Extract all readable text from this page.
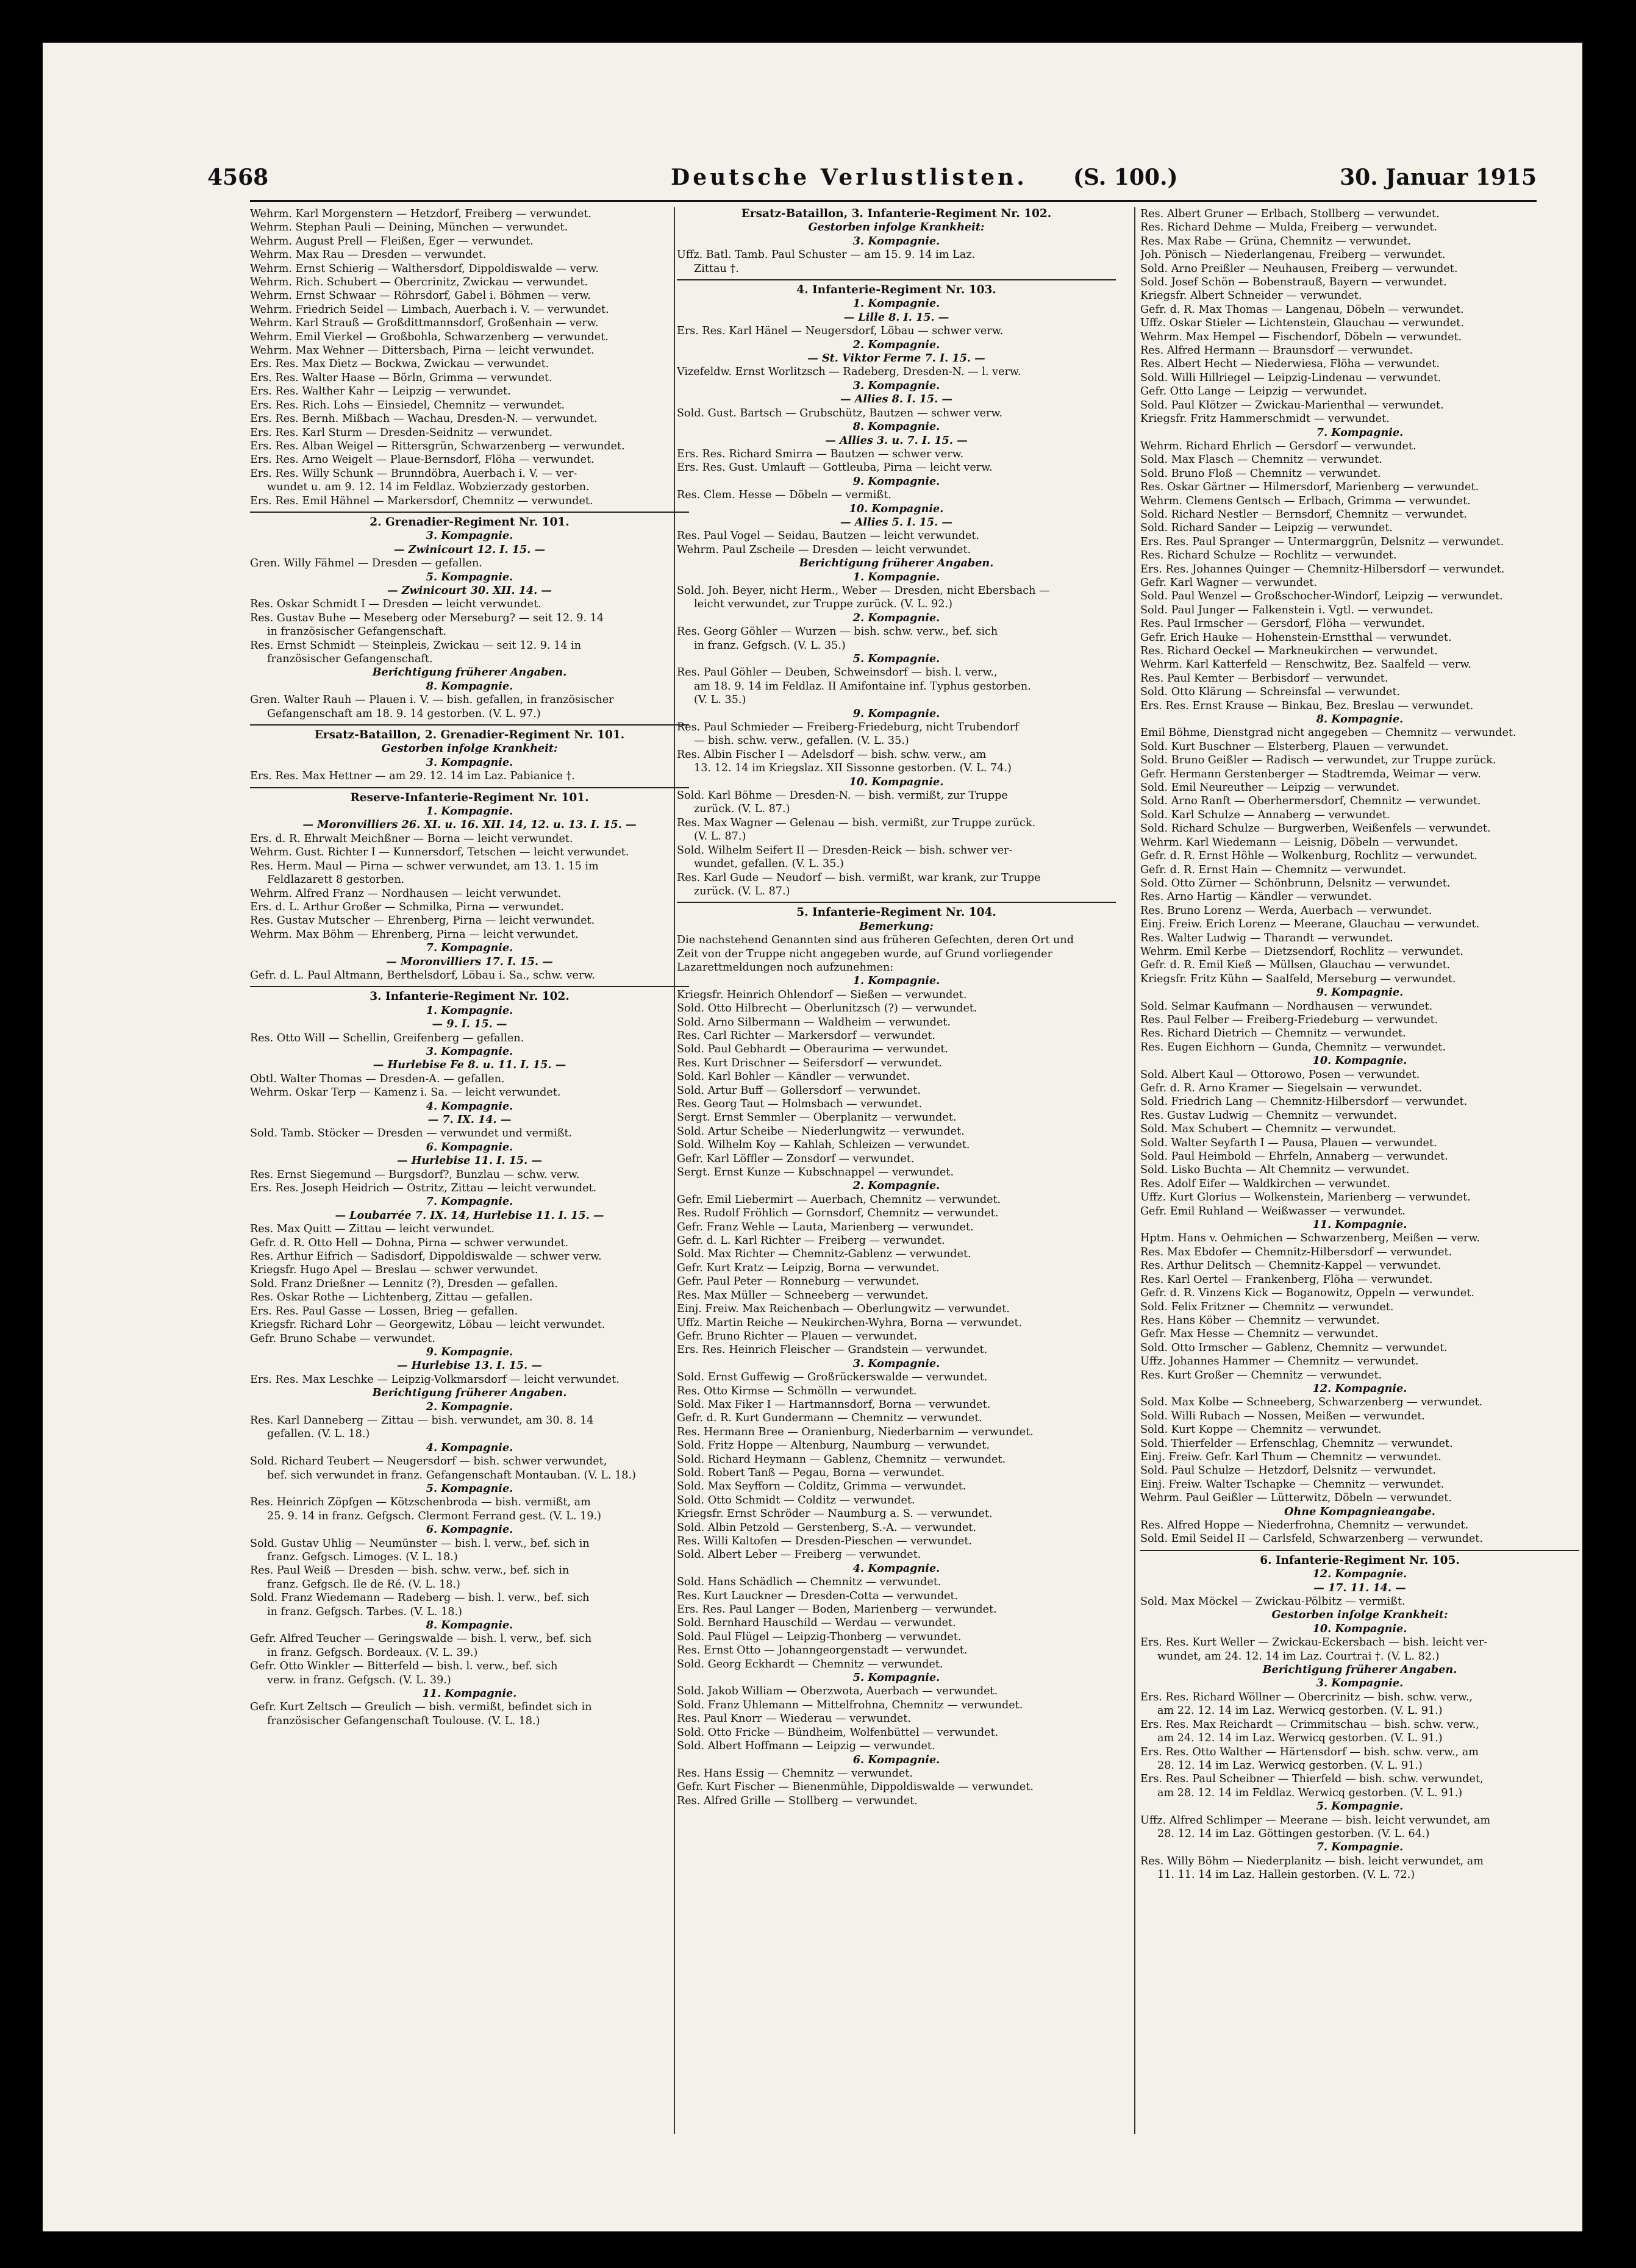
4568	Deutsche Verlustlisten. (S. 100.)	30. Januar 1915
Wehrm. Karl Morgenstern — Hetzdorf, Freiberg — verwundet.
Wehrm. Stephan Pauli — Deining, München — verwundet.
Wehrm. August Prell — Fleißen, Eger — verwundet.
Wehrm. Max Rau — Dresden — verwundet.
Wehrm. Ernst Schierig — Walthersdorf, Dippoldiswalde — verw.
Wehrm. Rich. Schubert — Obercrinitz, Zwickau — verwundet.
Wehrm. Ernst Schwaar — Röhrsdorf, Gabel i. Böhmen — verw.
Wehrm. Friedrich Seidel — Limbach, Auerbach i. V. — verwundet.
Wehrm. Karl Strauß — Großdittmannsdorf, Großenhain — verw.
Wehrm. Emil Vierkel — Großbohla, Schwarzenberg — verwundet.
Wehrm. Max Wehner — Dittersbach, Pirna — leicht verwundet.
Ers. Res. Max Dietz — Bockwa, Zwickau — verwundet.
Ers. Res. Walter Haase — Börln, Grimma — verwundet.
Ers. Res. Walther Kahr — Leipzig — verwundet.
Ers. Res. Rich. Lohs — Einsiedel, Chemnitz — verwundet.
Ers. Res. Bernh. Mißbach — Wachau, Dresden-N. — verwundet.
Ers. Res. Karl Sturm — Dresden-Seidnitz — verwundet.
Ers. Res. Alban Weigel — Rittersgrün, Schwarzenberg — verwundet.
Ers. Res. Arno Weigelt — Plaue-Bernsdorf, Flöha — verwundet.
Ers. Res. Willy Schunk — Brunndöbra, Auerbach i. V. — ver-
wundet u. am 9. 12. 14 im Feldlaz. Wobzierzady gestorben.
Ers. Res. Emil Hähnel — Markersdorf, Chemnitz — verwundet.
2. Grenadier-Regiment Nr. 101.
3. Kompagnie.
— Zwinicourt 12. I. 15. —
Gren. Willy Fähmel — Dresden — gefallen.
5. Kompagnie.
— Zwinicourt 30. XII. 14. —
Res. Oskar Schmidt I — Dresden — leicht verwundet.
Res. Gustav Buhe — Meseberg oder Merseburg? — seit 12. 9. 14
in französischer Gefangenschaft.
Res. Ernst Schmidt — Steinpleis, Zwickau — seit 12. 9. 14 in
französischer Gefangenschaft.
Berichtigung früherer Angaben.
8. Kompagnie.
Gren. Walter Rauh — Plauen i. V. — bish. gefallen, in französischer
Gefangenschaft am 18. 9. 14 gestorben. (V. L. 97.)
Ersatz-Bataillon, 2. Grenadier-Regiment Nr. 101.
Gestorben infolge Krankheit:
3. Kompagnie.
Ers. Res. Max Hettner — am 29. 12. 14 im Laz. Pabianice †.
Reserve-Infanterie-Regiment Nr. 101.
1. Kompagnie.
— Moronvilliers 26. XI. u. 16. XII. 14, 12. u. 13. I. 15. —
Ers. d. R. Ehrwalt Meichßner — Borna — leicht verwundet.
Wehrm. Gust. Richter I — Kunnersdorf, Tetschen — leicht verwundet.
Res. Herm. Maul — Pirna — schwer verwundet, am 13. 1. 15 im
Feldlazarett 8 gestorben.
Wehrm. Alfred Franz — Nordhausen — leicht verwundet.
Ers. d. L. Arthur Großer — Schmilka, Pirna — verwundet.
Res. Gustav Mutscher — Ehrenberg, Pirna — leicht verwundet.
Wehrm. Max Böhm — Ehrenberg, Pirna — leicht verwundet.
7. Kompagnie.
— Moronvilliers 17. I. 15. —
Gefr. d. L. Paul Altmann, Berthelsdorf, Löbau i. Sa., schw. verw.
3. Infanterie-Regiment Nr. 102.
1. Kompagnie.
— 9. I. 15. —
Res. Otto Will — Schellin, Greifenberg — gefallen.
3. Kompagnie.
— Hurlebise Fe 8. u. 11. I. 15. —
Obtl. Walter Thomas — Dresden-A. — gefallen.
Wehrm. Oskar Terp — Kamenz i. Sa. — leicht verwundet.
4. Kompagnie.
— 7. IX. 14. —
Sold. Tamb. Stöcker — Dresden — verwundet und vermißt.
6. Kompagnie.
— Hurlebise 11. I. 15. —
Res. Ernst Siegemund — Burgsdorf?, Bunzlau — schw. verw.
Ers. Res. Joseph Heidrich — Ostritz, Zittau — leicht verwundet.
7. Kompagnie.
— Loubarrée 7. IX. 14, Hurlebise 11. I. 15. —
Res. Max Quitt — Zittau — leicht verwundet.
Gefr. d. R. Otto Hell — Dohna, Pirna — schwer verwundet.
Res. Arthur Eifrich — Sadisdorf, Dippoldiswalde — schwer verw.
Kriegsfr. Hugo Apel — Breslau — schwer verwundet.
Sold. Franz Drießner — Lennitz (?), Dresden — gefallen.
Res. Oskar Rothe — Lichtenberg, Zittau — gefallen.
Ers. Res. Paul Gasse — Lossen, Brieg — gefallen.
Kriegsfr. Richard Lohr — Georgewitz, Löbau — leicht verwundet.
Gefr. Bruno Schabe — verwundet.
9. Kompagnie.
— Hurlebise 13. I. 15. —
Ers. Res. Max Leschke — Leipzig-Volkmarsdorf — leicht verwundet.
Berichtigung früherer Angaben.
2. Kompagnie.
Res. Karl Danneberg — Zittau — bish. verwundet, am 30. 8. 14
gefallen. (V. L. 18.)
4. Kompagnie.
Sold. Richard Teubert — Neugersdorf — bish. schwer verwundet,
bef. sich verwundet in franz. Gefangenschaft Montauban. (V. L. 18.)
5. Kompagnie.
Res. Heinrich Zöpfgen — Kötzschenbroda — bish. vermißt, am
25. 9. 14 in franz. Gefgsch. Clermont Ferrand gest. (V. L. 19.)
6. Kompagnie.
Sold. Gustav Uhlig — Neumünster — bish. l. verw., bef. sich in
franz. Gefgsch. Limoges. (V. L. 18.)
Res. Paul Weiß — Dresden — bish. schw. verw., bef. sich in
franz. Gefgsch. Ile de Ré. (V. L. 18.)
Sold. Franz Wiedemann — Radeberg — bish. l. verw., bef. sich
in franz. Gefgsch. Tarbes. (V. L. 18.)
8. Kompagnie.
Gefr. Alfred Teucher — Geringswalde — bish. l. verw., bef. sich
in franz. Gefgsch. Bordeaux. (V. L. 39.)
Gefr. Otto Winkler — Bitterfeld — bish. l. verw., bef. sich
verw. in franz. Gefgsch. (V. L. 39.)
11. Kompagnie.
Gefr. Kurt Zeltsch — Greulich — bish. vermißt, befindet sich in
französischer Gefangenschaft Toulouse. (V. L. 18.)
Ersatz-Bataillon, 3. Infanterie-Regiment Nr. 102.
Gestorben infolge Krankheit:
3. Kompagnie.
Uffz. Batl. Tamb. Paul Schuster — am 15. 9. 14 im Laz.
Zittau †.
4. Infanterie-Regiment Nr. 103.
1. Kompagnie.
— Lille 8. I. 15. —
Ers. Res. Karl Hänel — Neugersdorf, Löbau — schwer verw.
2. Kompagnie.
— St. Viktor Ferme 7. I. 15. —
Vizefeldw. Ernst Worlitzsch — Radeberg, Dresden-N. — l. verw.
3. Kompagnie.
— Allies 8. I. 15. —
Sold. Gust. Bartsch — Grubschütz, Bautzen — schwer verw.
8. Kompagnie.
— Allies 3. u. 7. I. 15. —
Ers. Res. Richard Smirra — Bautzen — schwer verw.
Ers. Res. Gust. Umlauft — Gottleuba, Pirna — leicht verw.
9. Kompagnie.
Res. Clem. Hesse — Döbeln — vermißt.
10. Kompagnie.
— Allies 5. I. 15. —
Res. Paul Vogel — Seidau, Bautzen — leicht verwundet.
Wehrm. Paul Zscheile — Dresden — leicht verwundet.
Berichtigung früherer Angaben.
1. Kompagnie.
Sold. Joh. Beyer, nicht Herm., Weber — Dresden, nicht Ebersbach —
leicht verwundet, zur Truppe zurück. (V. L. 92.)
2. Kompagnie.
Res. Georg Göhler — Wurzen — bish. schw. verw., bef. sich
in franz. Gefgsch. (V. L. 35.)
5. Kompagnie.
Res. Paul Göhler — Deuben, Schweinsdorf — bish. l. verw.,
am 18. 9. 14 im Feldlaz. II Amifontaine inf. Typhus gestorben.
(V. L. 35.)
9. Kompagnie.
Res. Paul Schmieder — Freiberg-Friedeburg, nicht Trubendorf
— bish. schw. verw., gefallen. (V. L. 35.)
Res. Albin Fischer I — Adelsdorf — bish. schw. verw., am
13. 12. 14 im Kriegslaz. XII Sissonne gestorben. (V. L. 74.)
10. Kompagnie.
Sold. Karl Böhme — Dresden-N. — bish. vermißt, zur Truppe
zurück. (V. L. 87.)
Res. Max Wagner — Gelenau — bish. vermißt, zur Truppe zurück.
(V. L. 87.)
Sold. Wilhelm Seifert II — Dresden-Reick — bish. schwer ver-
wundet, gefallen. (V. L. 35.)
Res. Karl Gude — Neudorf — bish. vermißt, war krank, zur Truppe
zurück. (V. L. 87.)
5. Infanterie-Regiment Nr. 104.
Bemerkung:
Die nachstehend Genannten sind aus früheren Gefechten, deren Ort und
Zeit von der Truppe nicht angegeben wurde, auf Grund vorliegender
Lazarettmeldungen noch aufzunehmen:
1. Kompagnie.
Kriegsfr. Heinrich Ohlendorf — Sießen — verwundet.
Sold. Otto Hilbrecht — Oberlunitzsch (?) — verwundet.
Sold. Arno Silbermann — Waldheim — verwundet.
Res. Carl Richter — Markersdorf — verwundet.
Sold. Paul Gebhardt — Oberaurima — verwundet.
Res. Kurt Drischner — Seifersdorf — verwundet.
Sold. Karl Bohler — Kändler — verwundet.
Sold. Artur Buff — Gollersdorf — verwundet.
Res. Georg Taut — Holmsbach — verwundet.
Sergt. Ernst Semmler — Oberplanitz — verwundet.
Sold. Artur Scheibe — Niederlungwitz — verwundet.
Sold. Wilhelm Koy — Kahlah, Schleizen — verwundet.
Gefr. Karl Löffler — Zonsdorf — verwundet.
Sergt. Ernst Kunze — Kubschnappel — verwundet.
2. Kompagnie.
Gefr. Emil Liebermirt — Auerbach, Chemnitz — verwundet.
Res. Rudolf Fröhlich — Gornsdorf, Chemnitz — verwundet.
Gefr. Franz Wehle — Lauta, Marienberg — verwundet.
Gefr. d. L. Karl Richter — Freiberg — verwundet.
Sold. Max Richter — Chemnitz-Gablenz — verwundet.
Gefr. Kurt Kratz — Leipzig, Borna — verwundet.
Gefr. Paul Peter — Ronneburg — verwundet.
Res. Max Müller — Schneeberg — verwundet.
Einj. Freiw. Max Reichenbach — Oberlungwitz — verwundet.
Uffz. Martin Reiche — Neukirchen-Wyhra, Borna — verwundet.
Gefr. Bruno Richter — Plauen — verwundet.
Ers. Res. Heinrich Fleischer — Grandstein — verwundet.
3. Kompagnie.
Sold. Ernst Guffewig — Großrückerswalde — verwundet.
Res. Otto Kirmse — Schmölln — verwundet.
Sold. Max Fiker I — Hartmannsdorf, Borna — verwundet.
Gefr. d. R. Kurt Gundermann — Chemnitz — verwundet.
Res. Hermann Bree — Oranienburg, Niederbarnim — verwundet.
Sold. Fritz Hoppe — Altenburg, Naumburg — verwundet.
Sold. Richard Heymann — Gablenz, Chemnitz — verwundet.
Sold. Robert Tanß — Pegau, Borna — verwundet.
Sold. Max Seyfforn — Colditz, Grimma — verwundet.
Sold. Otto Schmidt — Colditz — verwundet.
Kriegsfr. Ernst Schröder — Naumburg a. S. — verwundet.
Sold. Albin Petzold — Gerstenberg, S.-A. — verwundet.
Res. Willi Kaltofen — Dresden-Pieschen — verwundet.
Sold. Albert Leber — Freiberg — verwundet.
4. Kompagnie.
Sold. Hans Schädlich — Chemnitz — verwundet.
Res. Kurt Lauckner — Dresden-Cotta — verwundet.
Ers. Res. Paul Langer — Boden, Marienberg — verwundet.
Sold. Bernhard Hauschild — Werdau — verwundet.
Sold. Paul Flügel — Leipzig-Thonberg — verwundet.
Res. Ernst Otto — Johanngeorgenstadt — verwundet.
Sold. Georg Eckhardt — Chemnitz — verwundet.
5. Kompagnie.
Sold. Jakob William — Oberzwota, Auerbach — verwundet.
Sold. Franz Uhlemann — Mittelfrohna, Chemnitz — verwundet.
Res. Paul Knorr — Wiederau — verwundet.
Sold. Otto Fricke — Bündheim, Wolfenbüttel — verwundet.
Sold. Albert Hoffmann — Leipzig — verwundet.
6. Kompagnie.
Res. Hans Essig — Chemnitz — verwundet.
Gefr. Kurt Fischer — Bienenmühle, Dippoldiswalde — verwundet.
Res. Alfred Grille — Stollberg — verwundet.
Res. Albert Gruner — Erlbach, Stollberg — verwundet.
Res. Richard Dehme — Mulda, Freiberg — verwundet.
Res. Max Rabe — Grüna, Chemnitz — verwundet.
Joh. Pönisch — Niederlangenau, Freiberg — verwundet.
Sold. Arno Preißler — Neuhausen, Freiberg — verwundet.
Sold. Josef Schön — Bobenstrauß, Bayern — verwundet.
Kriegsfr. Albert Schneider — verwundet.
Gefr. d. R. Max Thomas — Langenau, Döbeln — verwundet.
Uffz. Oskar Stieler — Lichtenstein, Glauchau — verwundet.
Wehrm. Max Hempel — Fischendorf, Döbeln — verwundet.
Res. Alfred Hermann — Braunsdorf — verwundet.
Res. Albert Hecht — Niederwiesa, Flöha — verwundet.
Sold. Willi Hillriegel — Leipzig-Lindenau — verwundet.
Gefr. Otto Lange — Leipzig — verwundet.
Sold. Paul Klötzer — Zwickau-Marienthal — verwundet.
Kriegsfr. Fritz Hammerschmidt — verwundet.
7. Kompagnie.
Wehrm. Richard Ehrlich — Gersdorf — verwundet.
Sold. Max Flasch — Chemnitz — verwundet.
Sold. Bruno Floß — Chemnitz — verwundet.
Res. Oskar Gärtner — Hilmersdorf, Marienberg — verwundet.
Wehrm. Clemens Gentsch — Erlbach, Grimma — verwundet.
Sold. Richard Nestler — Bernsdorf, Chemnitz — verwundet.
Sold. Richard Sander — Leipzig — verwundet.
Ers. Res. Paul Spranger — Untermarggrün, Delsnitz — verwundet.
Res. Richard Schulze — Rochlitz — verwundet.
Ers. Res. Johannes Quinger — Chemnitz-Hilbersdorf — verwundet.
Gefr. Karl Wagner — verwundet.
Sold. Paul Wenzel — Großschocher-Windorf, Leipzig — verwundet.
Sold. Paul Junger — Falkenstein i. Vgtl. — verwundet.
Res. Paul Irmscher — Gersdorf, Flöha — verwundet.
Gefr. Erich Hauke — Hohenstein-Ernstthal — verwundet.
Res. Richard Oeckel — Markneukirchen — verwundet.
Wehrm. Karl Katterfeld — Renschwitz, Bez. Saalfeld — verw.
Res. Paul Kemter — Berbisdorf — verwundet.
Sold. Otto Klärung — Schreinsfal — verwundet.
Ers. Res. Ernst Krause — Binkau, Bez. Breslau — verwundet.
8. Kompagnie.
Emil Böhme, Dienstgrad nicht angegeben — Chemnitz — verwundet.
Sold. Kurt Buschner — Elsterberg, Plauen — verwundet.
Sold. Bruno Geißler — Radisch — verwundet, zur Truppe zurück.
Gefr. Hermann Gerstenberger — Stadtremda, Weimar — verw.
Sold. Emil Neureuther — Leipzig — verwundet.
Sold. Arno Ranft — Oberhermersdorf, Chemnitz — verwundet.
Sold. Karl Schulze — Annaberg — verwundet.
Sold. Richard Schulze — Burgwerben, Weißenfels — verwundet.
Wehrm. Karl Wiedemann — Leisnig, Döbeln — verwundet.
Gefr. d. R. Ernst Höhle — Wolkenburg, Rochlitz — verwundet.
Gefr. d. R. Ernst Hain — Chemnitz — verwundet.
Sold. Otto Zürner — Schönbrunn, Delsnitz — verwundet.
Res. Arno Hartig — Kändler — verwundet.
Res. Bruno Lorenz — Werda, Auerbach — verwundet.
Einj. Freiw. Erich Lorenz — Meerane, Glauchau — verwundet.
Res. Walter Ludwig — Tharandt — verwundet.
Wehrm. Emil Kerbe — Dietzsendorf, Rochlitz — verwundet.
Gefr. d. R. Emil Kieß — Müllsen, Glauchau — verwundet.
Kriegsfr. Fritz Kühn — Saalfeld, Merseburg — verwundet.
9. Kompagnie.
Sold. Selmar Kaufmann — Nordhausen — verwundet.
Res. Paul Felber — Freiberg-Friedeburg — verwundet.
Res. Richard Dietrich — Chemnitz — verwundet.
Res. Eugen Eichhorn — Gunda, Chemnitz — verwundet.
10. Kompagnie.
Sold. Albert Kaul — Ottorowo, Posen — verwundet.
Gefr. d. R. Arno Kramer — Siegelsain — verwundet.
Sold. Friedrich Lang — Chemnitz-Hilbersdorf — verwundet.
Res. Gustav Ludwig — Chemnitz — verwundet.
Sold. Max Schubert — Chemnitz — verwundet.
Sold. Walter Seyfarth I — Pausa, Plauen — verwundet.
Sold. Paul Heimbold — Ehrfeln, Annaberg — verwundet.
Sold. Lisko Buchta — Alt Chemnitz — verwundet.
Res. Adolf Eifer — Waldkirchen — verwundet.
Uffz. Kurt Glorius — Wolkenstein, Marienberg — verwundet.
Gefr. Emil Ruhland — Weißwasser — verwundet.
11. Kompagnie.
Hptm. Hans v. Oehmichen — Schwarzenberg, Meißen — verw.
Res. Max Ebdofer — Chemnitz-Hilbersdorf — verwundet.
Res. Arthur Delitsch — Chemnitz-Kappel — verwundet.
Res. Karl Oertel — Frankenberg, Flöha — verwundet.
Gefr. d. R. Vinzens Kick — Boganowitz, Oppeln — verwundet.
Sold. Felix Fritzner — Chemnitz — verwundet.
Res. Hans Köber — Chemnitz — verwundet.
Gefr. Max Hesse — Chemnitz — verwundet.
Sold. Otto Irmscher — Gablenz, Chemnitz — verwundet.
Uffz. Johannes Hammer — Chemnitz — verwundet.
Res. Kurt Großer — Chemnitz — verwundet.
12. Kompagnie.
Sold. Max Kolbe — Schneeberg, Schwarzenberg — verwundet.
Sold. Willi Rubach — Nossen, Meißen — verwundet.
Sold. Kurt Koppe — Chemnitz — verwundet.
Sold. Thierfelder — Erfenschlag, Chemnitz — verwundet.
Einj. Freiw. Gefr. Karl Thum — Chemnitz — verwundet.
Sold. Paul Schulze — Hetzdorf, Delsnitz — verwundet.
Einj. Freiw. Walter Tschapke — Chemnitz — verwundet.
Wehrm. Paul Geißler — Lütterwitz, Döbeln — verwundet.
Ohne Kompagnieangabe.
Res. Alfred Hoppe — Niederfrohna, Chemnitz — verwundet.
Sold. Emil Seidel II — Carlsfeld, Schwarzenberg — verwundet.
6. Infanterie-Regiment Nr. 105.
12. Kompagnie.
— 17. 11. 14. —
Sold. Max Möckel — Zwickau-Pölbitz — vermißt.
Gestorben infolge Krankheit:
10. Kompagnie.
Ers. Res. Kurt Weller — Zwickau-Eckersbach — bish. leicht ver-
wundet, am 24. 12. 14 im Laz. Courtrai †. (V. L. 82.)
Berichtigung früherer Angaben.
3. Kompagnie.
Ers. Res. Richard Wöllner — Obercrinitz — bish. schw. verw.,
am 22. 12. 14 im Laz. Werwicq gestorben. (V. L. 91.)
Ers. Res. Max Reichardt — Crimmitschau — bish. schw. verw.,
am 24. 12. 14 im Laz. Werwicq gestorben. (V. L. 91.)
Ers. Res. Otto Walther — Härtensdorf — bish. schw. verw., am
28. 12. 14 im Laz. Werwicq gestorben. (V. L. 91.)
Ers. Res. Paul Scheibner — Thierfeld — bish. schw. verwundet,
am 28. 12. 14 im Feldlaz. Werwicq gestorben. (V. L. 91.)
5. Kompagnie.
Uffz. Alfred Schlimper — Meerane — bish. leicht verwundet, am
28. 12. 14 im Laz. Göttingen gestorben. (V. L. 64.)
7. Kompagnie.
Res. Willy Böhm — Niederplanitz — bish. leicht verwundet, am
11. 11. 14 im Laz. Hallein gestorben. (V. L. 72.)
